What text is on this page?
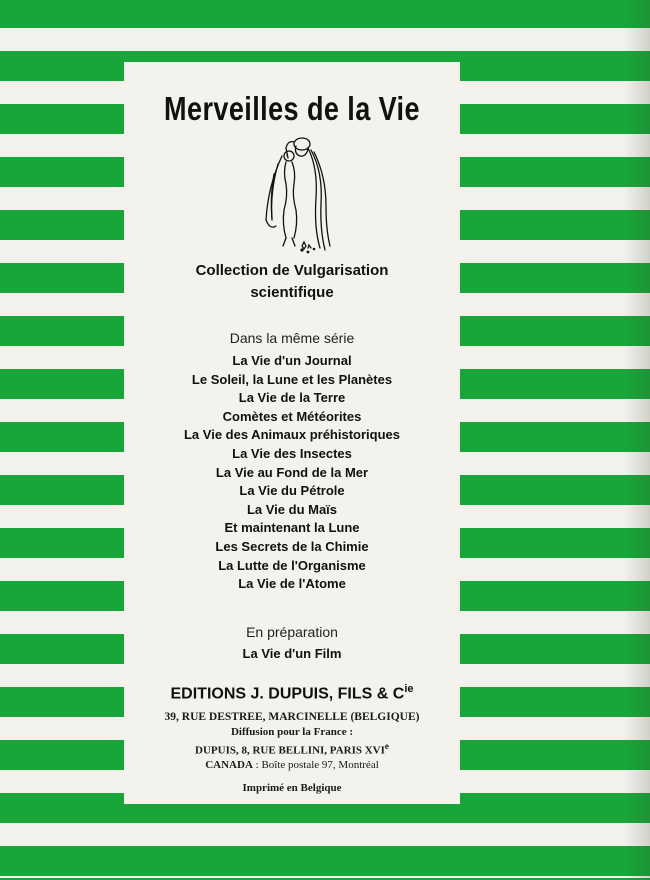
Merveilles de la Vie

Collection de Vulgarisation
scientifique

Dans la même série

La Vie d'un Journal
Le Soleil, la Lune et les Planètes
La Vie de la Terre
Comètes et Météorites
La Vie des Animaux préhistoriques
La Vie des Insectes
La Vie au Fond de la Mer
La Vie du Pétrole
La Vie du Maïs
Et maintenant la Lune
Les Secrets de la Chimie
La Lutte de l'Organisme
La Vie de l'Atome

En préparation

La Vie d'un Film

EDITIONS J. DUPUIS, FILS & $C^{ie}$

39, RUE DESTREE, MARCINELLE (BELGIQUE)
Diffusion pour la France :
DUPUIS, 8, RUE BELLINI, PARIS XVIe
CANADA : Boîte postale 97, Montréal
Imprimé en Belgique
